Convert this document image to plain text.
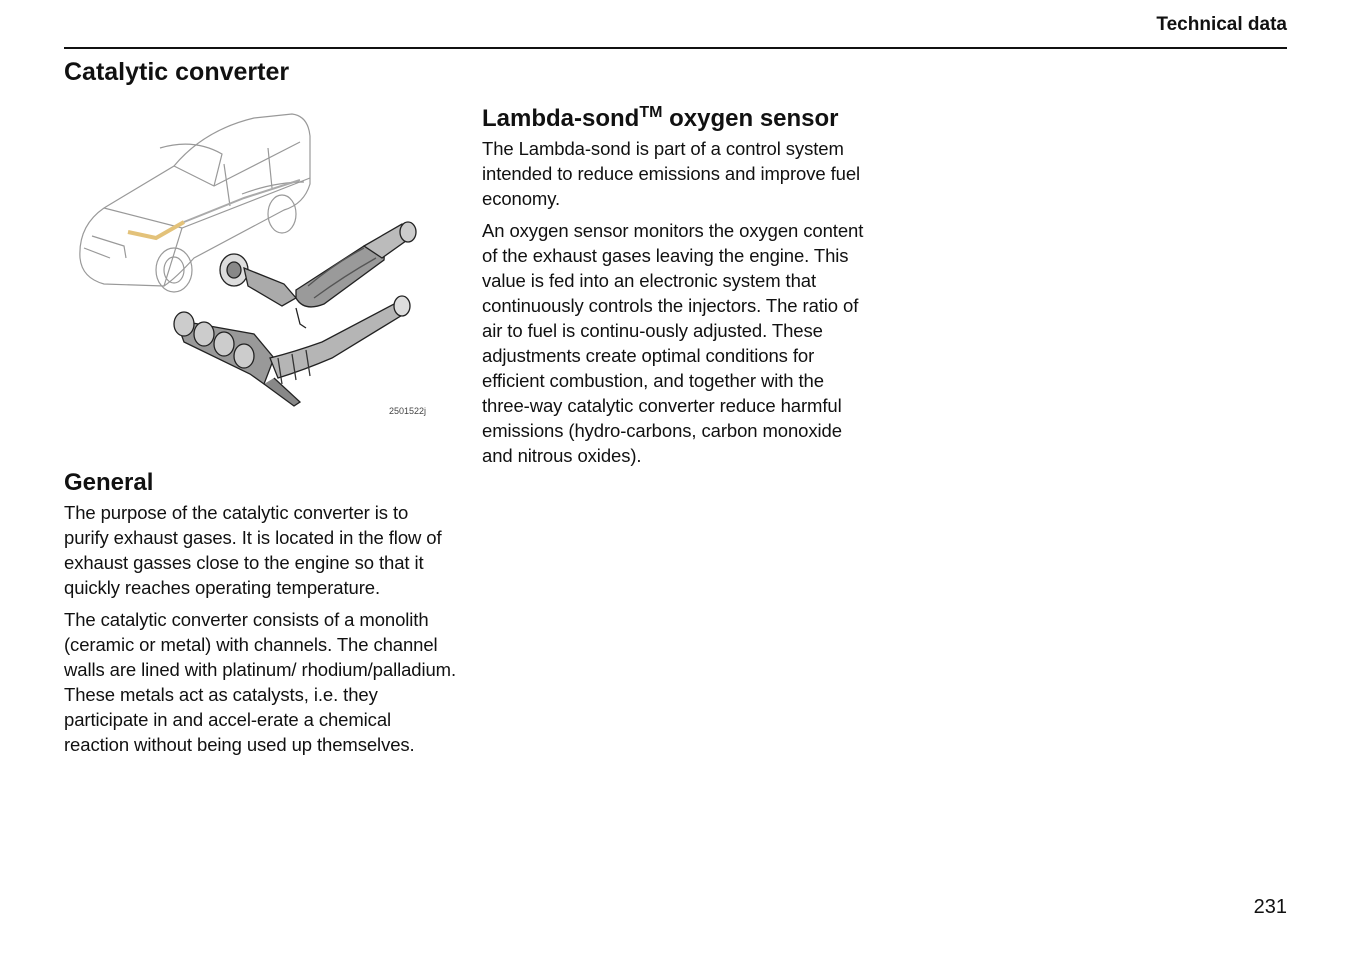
Technical data
Catalytic converter
2501522j
General

The purpose of the catalytic converter is to purify exhaust gases. It is located in the flow of exhaust gasses close to the engine so that it quickly reaches operating temperature.

The catalytic converter consists of a monolith (ceramic or metal) with channels. The channel walls are lined with platinum/ rhodium/palladium. These metals act as catalysts, i.e. they participate in and accel-erate a chemical reaction without being used up themselves.

Lambda-sond™ oxygen sensor

The Lambda-sond is part of a control system intended to reduce emissions and improve fuel economy.

An oxygen sensor monitors the oxygen content of the exhaust gases leaving the engine. This value is fed into an electronic system that continuously controls the injectors. The ratio of air to fuel is continu-ously adjusted. These adjustments create optimal conditions for efficient combustion, and together with the three-way catalytic converter reduce harmful emissions (hydro-carbons, carbon monoxide and nitrous oxides).

231
